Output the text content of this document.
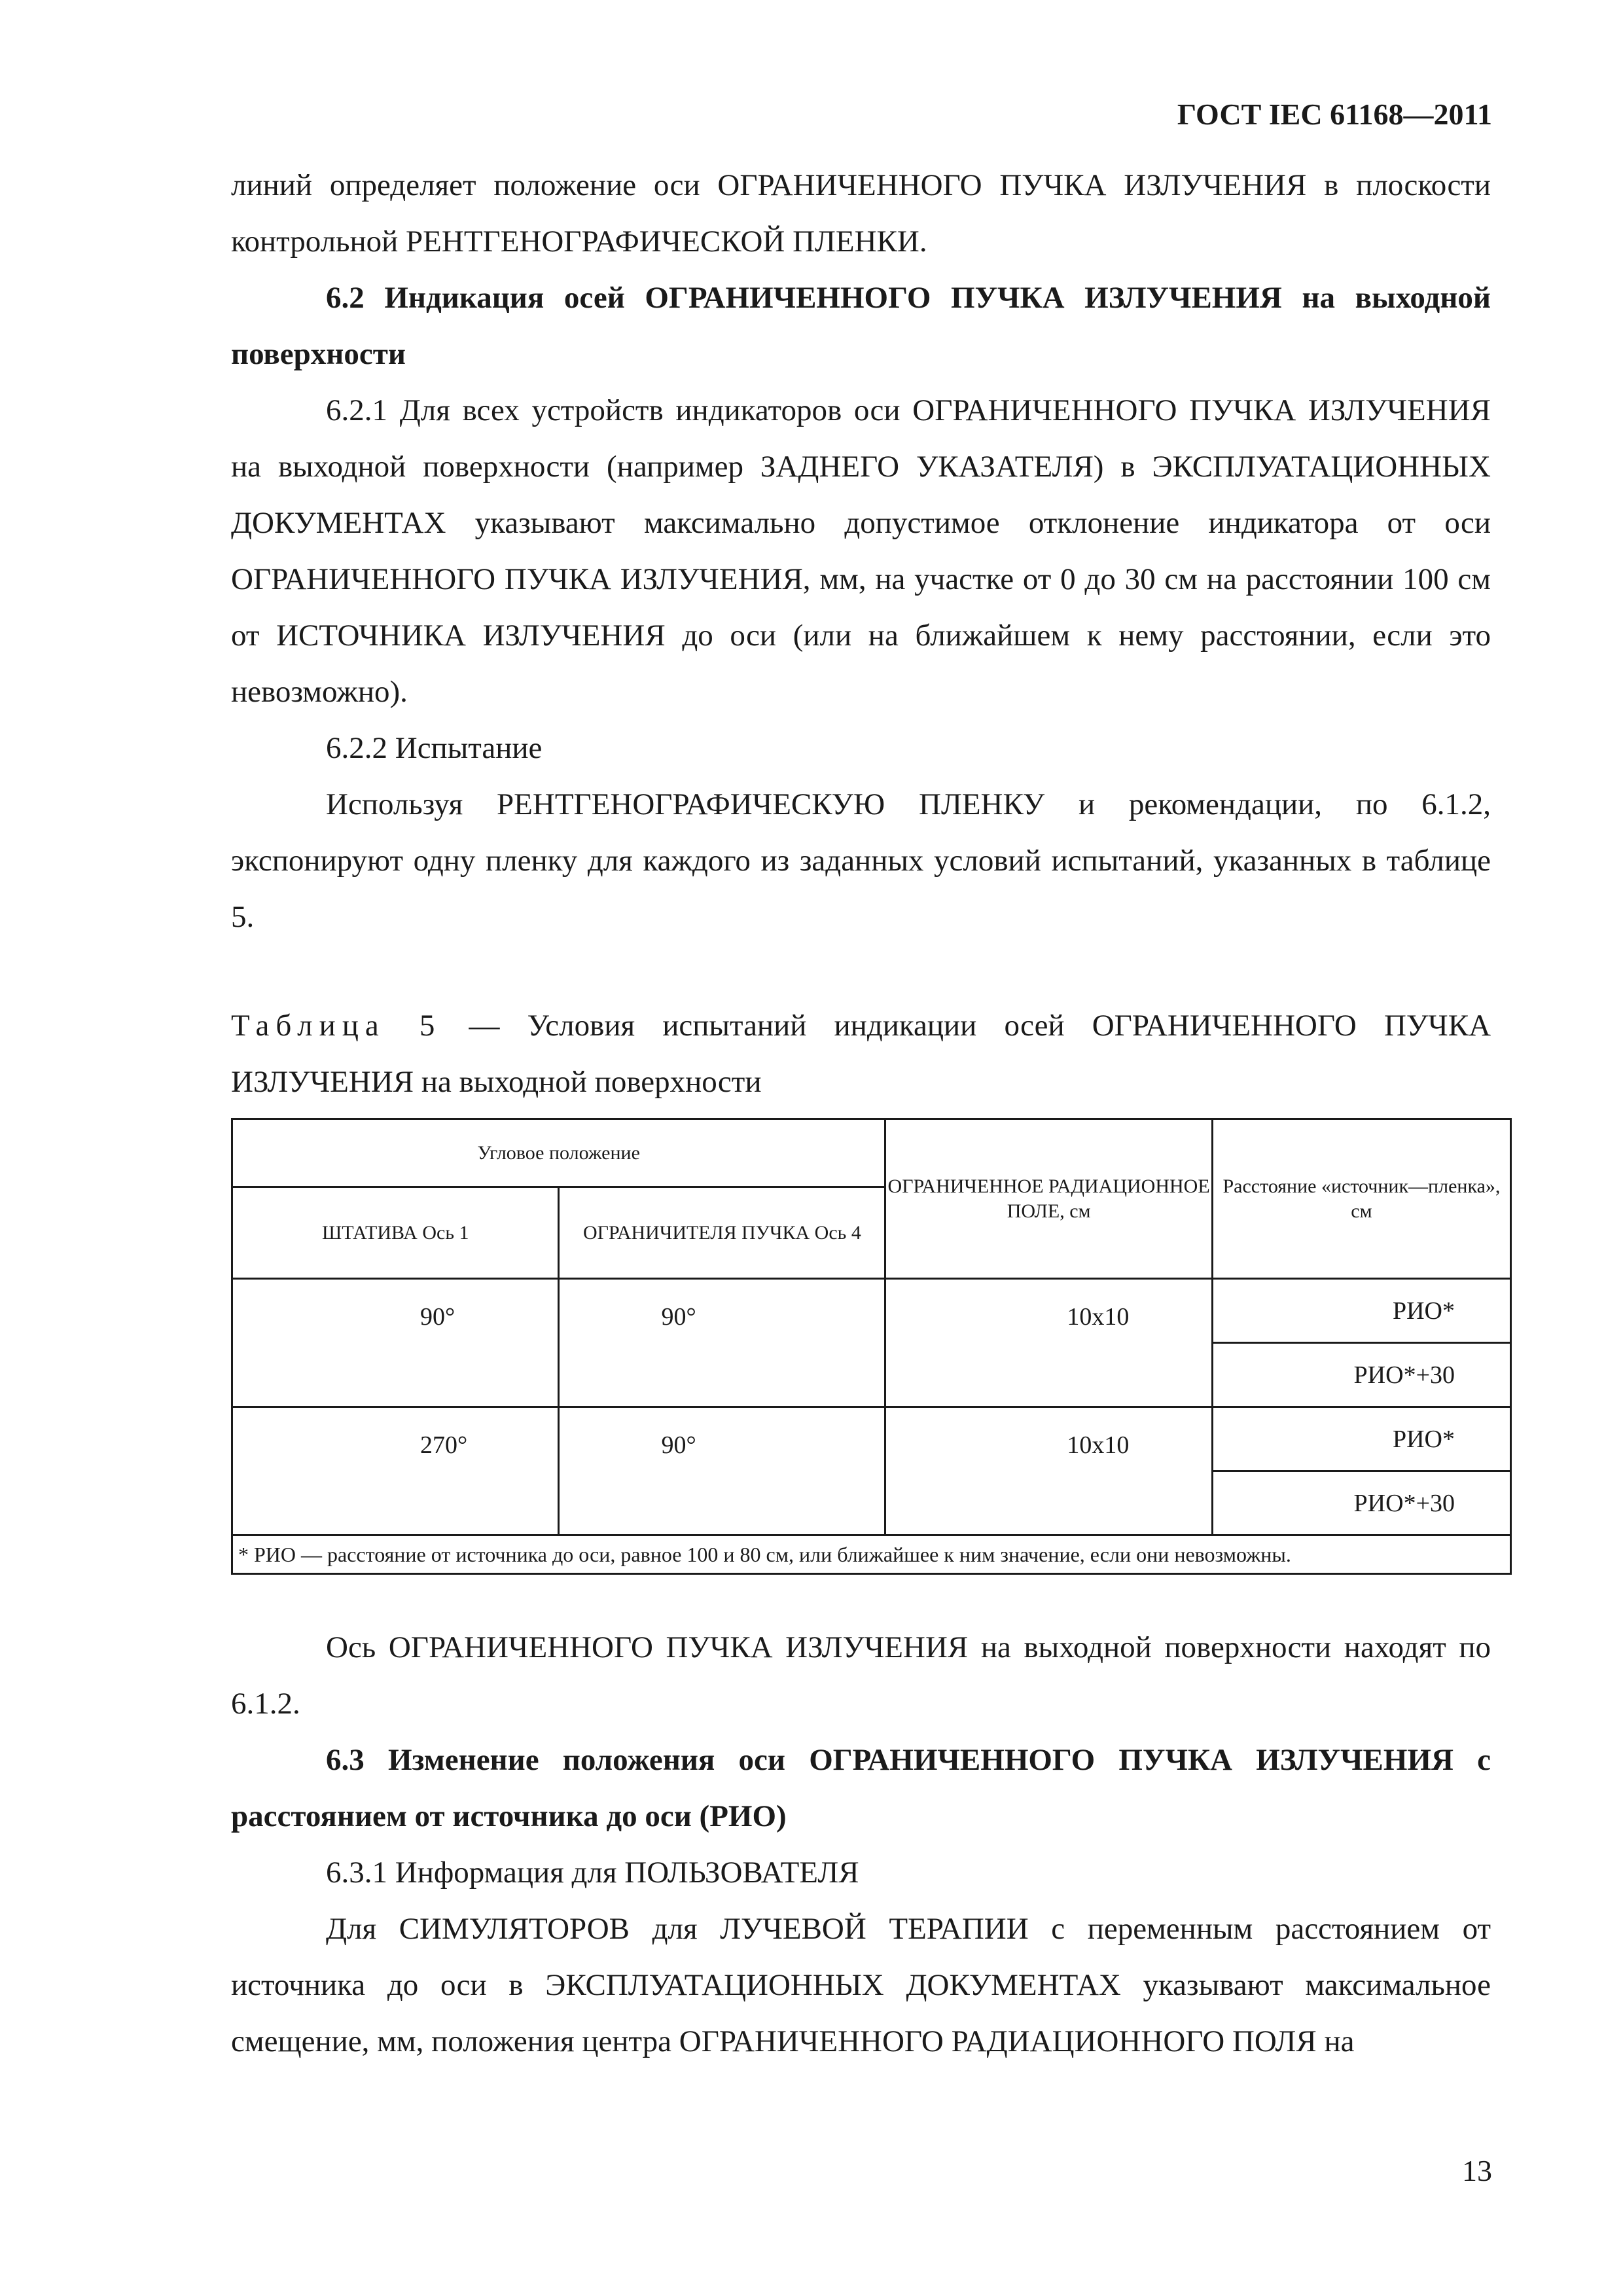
ГОСТ IEC 61168—2011

линий определяет положение оси ОГРАНИЧЕННОГО ПУЧКА ИЗЛУЧЕНИЯ в плоскости контрольной РЕНТГЕНОГРАФИЧЕСКОЙ ПЛЕНКИ.

6.2 Индикация осей ОГРАНИЧЕННОГО ПУЧКА ИЗЛУЧЕНИЯ на выходной поверхности

6.2.1 Для всех устройств индикаторов оси ОГРАНИЧЕННОГО ПУЧКА ИЗЛУЧЕНИЯ на выходной поверхности (например ЗАДНЕГО УКАЗАТЕЛЯ) в ЭКСПЛУАТАЦИОННЫХ ДОКУМЕНТАХ указывают максимально допустимое отклонение индикатора от оси ОГРАНИЧЕННОГО ПУЧКА ИЗЛУЧЕНИЯ, мм, на участке от 0 до 30 см на расстоянии 100 см от ИСТОЧНИКА ИЗЛУЧЕНИЯ до оси (или на ближайшем к нему расстоянии, если это невозможно).

6.2.2 Испытание

Используя РЕНТГЕНОГРАФИЧЕСКУЮ ПЛЕНКУ и рекомендации, по 6.1.2, экспонируют одну пленку для каждого из заданных условий испытаний, указанных в таблице 5.

Таблица 5 — Условия испытаний индикации осей ОГРАНИЧЕННОГО ПУЧКА ИЗЛУЧЕНИЯ на выходной поверхности

Угловое положение		ОГРАНИЧЕННОЕ РАДИАЦИОННОЕ ПОЛЕ, см	Расстояние «источник—пленка», см
ШТАТИВА Ось 1	ОГРАНИЧИТЕЛЯ ПУЧКА Ось 4		
90°	90°	10x10	РИО*
			РИО*+30
270°	90°	10x10	РИО*
			РИО*+30
* РИО — расстояние от источника до оси, равное 100 и 80 см, или ближайшее к ним значение, если они невозможны.			

Ось ОГРАНИЧЕННОГО ПУЧКА ИЗЛУЧЕНИЯ на выходной поверхности находят по 6.1.2.

6.3 Изменение положения оси ОГРАНИЧЕННОГО ПУЧКА ИЗЛУЧЕНИЯ с расстоянием от источника до оси (РИО)

6.3.1 Информация для ПОЛЬЗОВАТЕЛЯ

Для СИМУЛЯТОРОВ для ЛУЧЕВОЙ ТЕРАПИИ с переменным расстоянием от источника до оси в ЭКСПЛУАТАЦИОННЫХ ДОКУМЕНТАХ указывают максимальное смещение, мм, положения центра ОГРАНИЧЕННОГО РАДИАЦИОННОГО ПОЛЯ на

13
